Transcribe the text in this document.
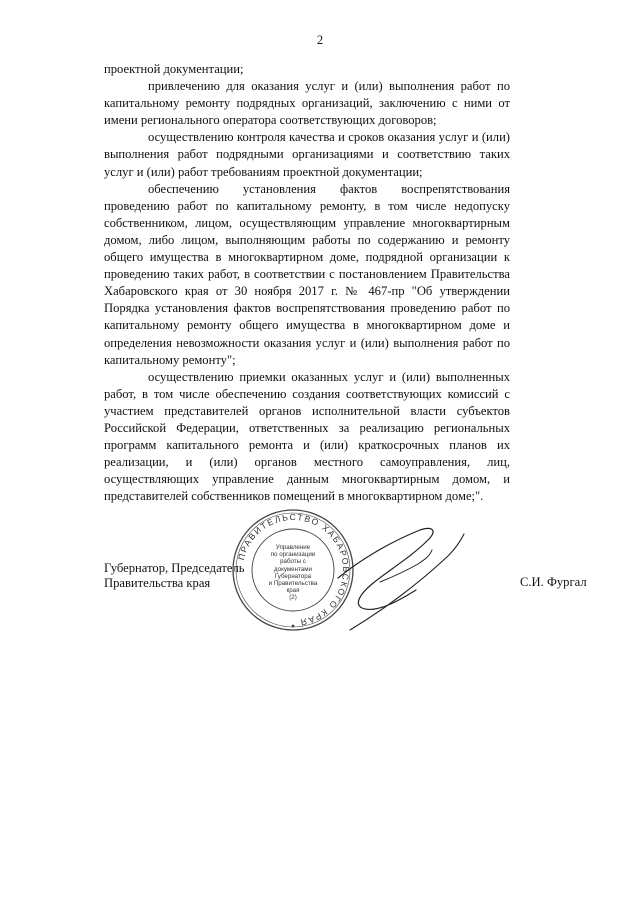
2

проектной документации;

привлечению для оказания услуг и (или) выполнения работ по капитальному ремонту подрядных организаций, заключению с ними от имени регионального оператора соответствующих договоров;

осуществлению контроля качества и сроков оказания услуг и (или) выполнения работ подрядными организациями и соответствию таких услуг и (или) работ требованиям проектной документации;

обеспечению установления фактов воспрепятствования проведению работ по капитальному ремонту, в том числе недопуску собственником, лицом, осуществляющим управление многоквартирным домом, либо лицом, выполняющим работы по содержанию и ремонту общего имущества в многоквартирном доме, подрядной организации к проведению таких работ, в соответствии с постановлением Правительства Хабаровского края от 30 ноября 2017 г. № 467-пр "Об утверждении Порядка установления фактов воспрепятствования проведению работ по капитальному ремонту общего имущества в многоквартирном доме и определения невозможности оказания услуг и (или) выполнения работ по капитальному ремонту";

осуществлению приемки оказанных услуг и (или) выполненных работ, в том числе обеспечению создания соответствующих комиссий с участием представителей органов исполнительной власти субъектов Российской Федерации, ответственных за реализацию региональных программ капитального ремонта и (или) краткосрочных планов их реализации, и (или) органов местного самоуправления, лиц, осуществляющих управление данным многоквартирным домом, и представителей собственников помещений в многоквартирном доме;".

Губернатор, Председатель
Правительства края	С.И. Фургал
ПРАВИТЕЛЬСТВО ХАБАРОВСКОГО КРАЯ
Управление
по организации
работы с документами
Губернатора
и Правительства
края
(2)
